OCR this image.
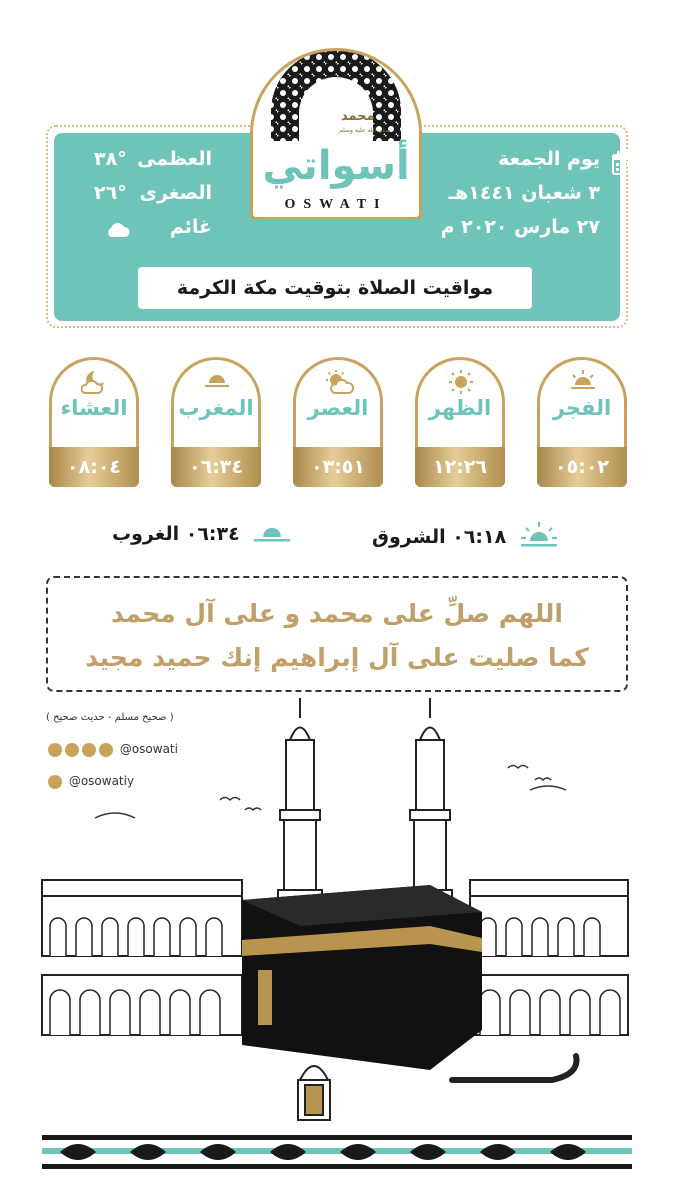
محمد
صلى الله عليه وسلم
أسواتي
OSWATI
يوم الجمعة
٣ شعبان ١٤٤١هـ
٢٧ مارس ٢٠٢٠ م
العظمى
٣٨°
الصغرى
٢٦°
غائم
مواقيت الصلاة بتوقيت مكة الكرمة
الفجر
٠٥:٠٢
الظهر
١٢:٢٦
العصر
٠٣:٥١
المغرب
٠٦:٣٤
العشاء
٠٨:٠٤
٠٦:١٨ الشروق
٠٦:٣٤ الغروب
اللهم صلِّ على محمد و على آل محمد
كما صليت على آل إبراهيم إنك حميد مجيد
( صحيح مسلم - حديث صحيح )
@osowati
@osowatiy
